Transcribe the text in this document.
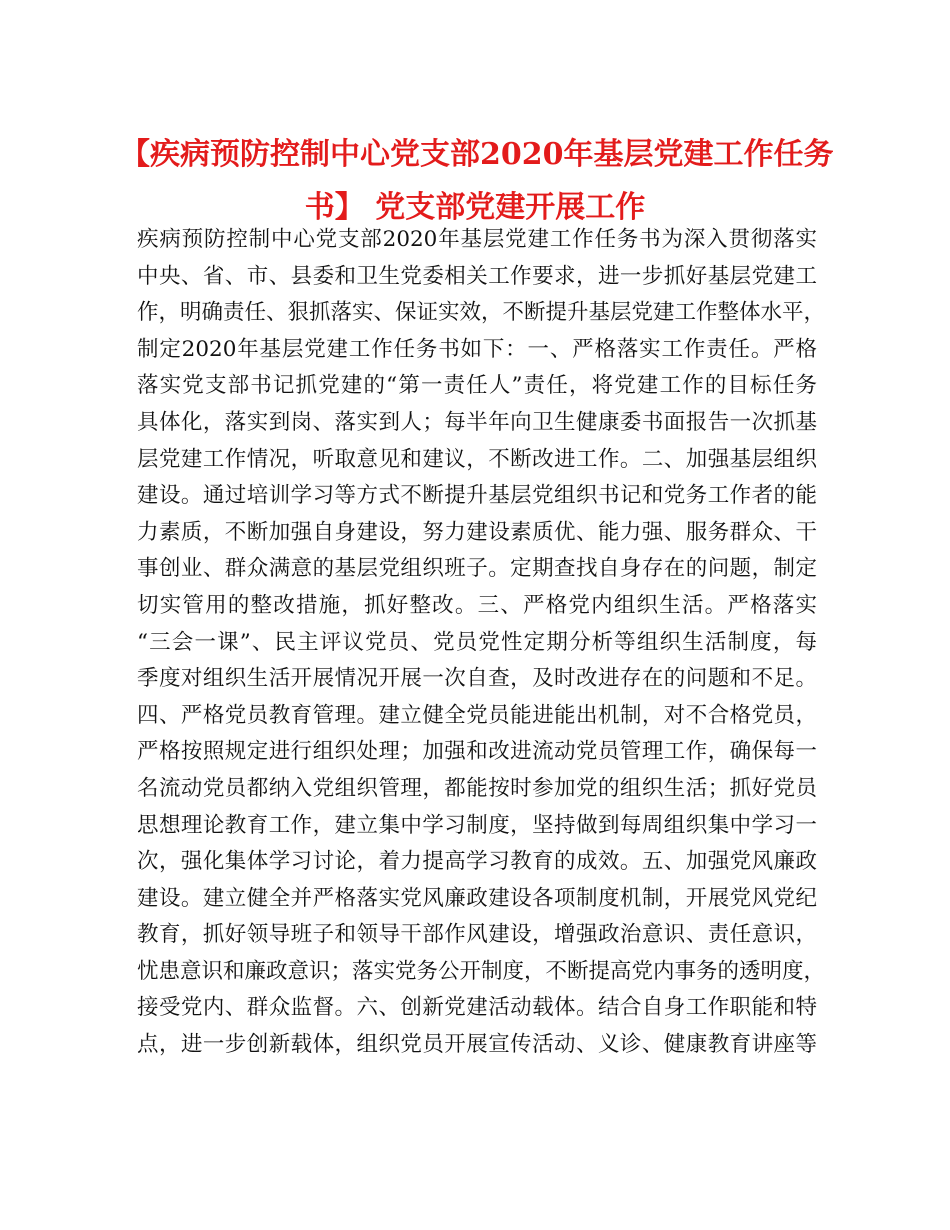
【疾病预防控制中心党支部2020年基层党建工作任务
书】 党支部党建开展工作
疾病预防控制中心党支部2020年基层党建工作任务书为深入贯彻落实
中央、省、市、县委和卫生党委相关工作要求，进一步抓好基层党建工
作，明确责任、狠抓落实、保证实效，不断提升基层党建工作整体水平，
制定2020年基层党建工作任务书如下：一、严格落实工作责任。严格
落实党支部书记抓党建的“第一责任人”责任，将党建工作的目标任务
具体化，落实到岗、落实到人；每半年向卫生健康委书面报告一次抓基
层党建工作情况，听取意见和建议，不断改进工作。二、加强基层组织
建设。通过培训学习等方式不断提升基层党组织书记和党务工作者的能
力素质，不断加强自身建设，努力建设素质优、能力强、服务群众、干
事创业、群众满意的基层党组织班子。定期查找自身存在的问题，制定
切实管用的整改措施，抓好整改。三、严格党内组织生活。严格落实
“三会一课”、民主评议党员、党员党性定期分析等组织生活制度，每
季度对组织生活开展情况开展一次自查，及时改进存在的问题和不足。
四、严格党员教育管理。建立健全党员能进能出机制，对不合格党员，
严格按照规定进行组织处理；加强和改进流动党员管理工作，确保每一
名流动党员都纳入党组织管理，都能按时参加党的组织生活；抓好党员
思想理论教育工作，建立集中学习制度，坚持做到每周组织集中学习一
次，强化集体学习讨论，着力提高学习教育的成效。五、加强党风廉政
建设。建立健全并严格落实党风廉政建设各项制度机制，开展党风党纪
教育，抓好领导班子和领导干部作风建设，增强政治意识、责任意识，
忧患意识和廉政意识；落实党务公开制度，不断提高党内事务的透明度，
接受党内、群众监督。六、创新党建活动载体。结合自身工作职能和特
点，进一步创新载体，组织党员开展宣传活动、义诊、健康教育讲座等
